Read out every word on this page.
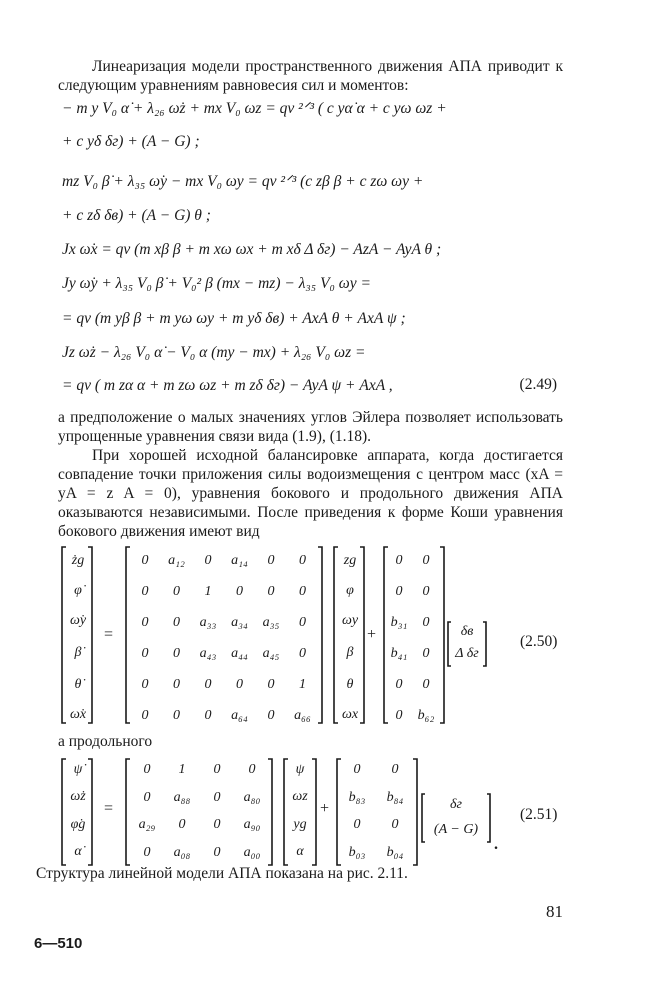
Линеаризация модели пространственного движения АПА приводит к следующим уравнениям равновесия сил и моментов:
− m y V₀ α̇ + λ₂₆ ω̇z + mx V₀ ωz = qv ²ᐟ³ ( c yα̇ α + c yω ωz +
+ c yδ δг) + (A − G) ;
mz V₀ β̇ + λ₃₅ ω̇y − mx V₀ ωy = qv ²ᐟ³ (c zβ β + c zω ωy +
+ c zδ δв) + (A − G) θ ;
Jx ω̇x = qv (m xβ β + m xω ωx + m xδ Δ δг) − AzA − AyA θ ;
Jy ω̇y + λ₃₅ V₀ β̇ + V₀² β (mx − mz) − λ₃₅ V₀ ωy =
= qv (m yβ β + m yω ωy + m yδ δв) + AxA θ + AxA ψ ;
Jz ω̇z − λ₂₆ V₀ α̇ − V₀ α (my − mx) + λ₂₆ V₀ ωz =
= qv ( m zα α + m zω ωz + m zδ δг) − AyA ψ + AxA ,	(2.49)
а предположение о малых значениях углов Эйлера позволяет использовать упрощенные уравнения связи вида (1.9), (1.18).
При хорошей исходной балансировке аппарата, когда достигается совпадение точки приложения силы водоизмещения с центром масс (xA = yA = z A = 0), уравнения бокового и продольного движения АПА оказываются независимыми. После приведения к форме Коши уравнения бокового движения имеют вид
żg
φ̇
ω̇y
β̇
θ̇
ω̇x
=
0	a₁₂	0	a₁₄	0	0
0	0	1	0	0	0
0	0	a₃₃	a₃₄	a₃₅	0
0	0	a₄₃	a₄₄	a₄₅	0
0	0	0	0	0	1
0	0	0	a₆₄	0	a₆₆
zg
φ
ωy
β
θ
ωx
+
0	0
0	0
b₃₁	0
b₄₁	0
0	0
0	b₆₂
δв
Δ δг
(2.50)
а продольного
ψ̇
ω̇z
φ̇g
α̇
=
0	1	0	0
0	a₈₈	0	a₈₀
a₂₉	0	0	a₉₀
0	a₀₈	0	a₀₀
ψ
ωz
yg
α
+
0	0
b₈₃	b₈₄
0	0
b₀₃	b₀₄
δг
(A − G)
.
(2.51)
Структура линейной модели АПА показана на рис. 2.11.
6—510
81
